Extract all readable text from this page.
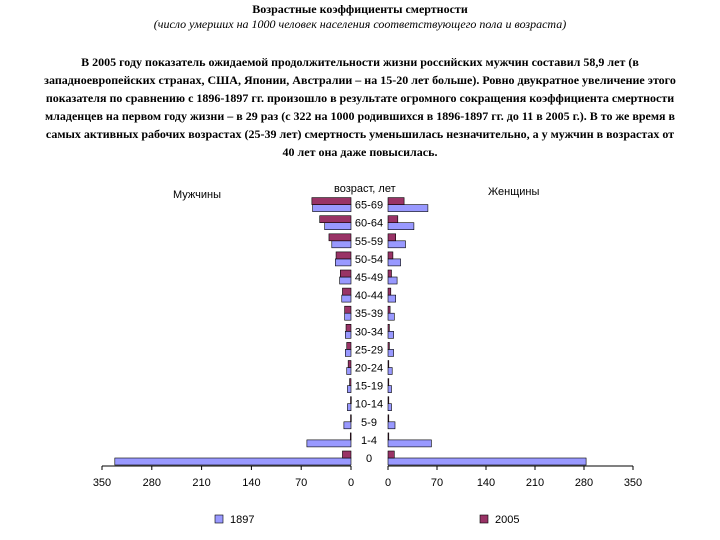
Возрастные коэффициенты смертности
(число умерших на 1000 человек населения соответствующего пола и возраста)
В 2005 году показатель ожидаемой продолжительности жизни российских мужчин составил 58,9 лет (в западноевропейских странах, США, Японии, Австралии – на 15-20 лет больше). Ровно двукратное увеличение этого показателя по сравнению с 1896-1897 гг. произошло в результате огромного сокращения коэффициента смертности младенцев на первом году жизни – в 29 раз (с 322 на 1000 родившихся в 1896-1897 гг. до 11 в 2005 г.). В то же время в самых активных рабочих возрастах (25-39 лет) смертность уменьшилась незначительно, а у мужчин в возрастах от 40 лет она даже повысилась.
Мужчины	Женщины
возраст, лет
0
1-4
5-9
10-14
15-19
20-24
25-29
30-34
35-39
40-44
45-49
50-54
55-59
60-64
65-69
350	280	210	140	70	0	0	70	140	210	280	350
1897	2005
